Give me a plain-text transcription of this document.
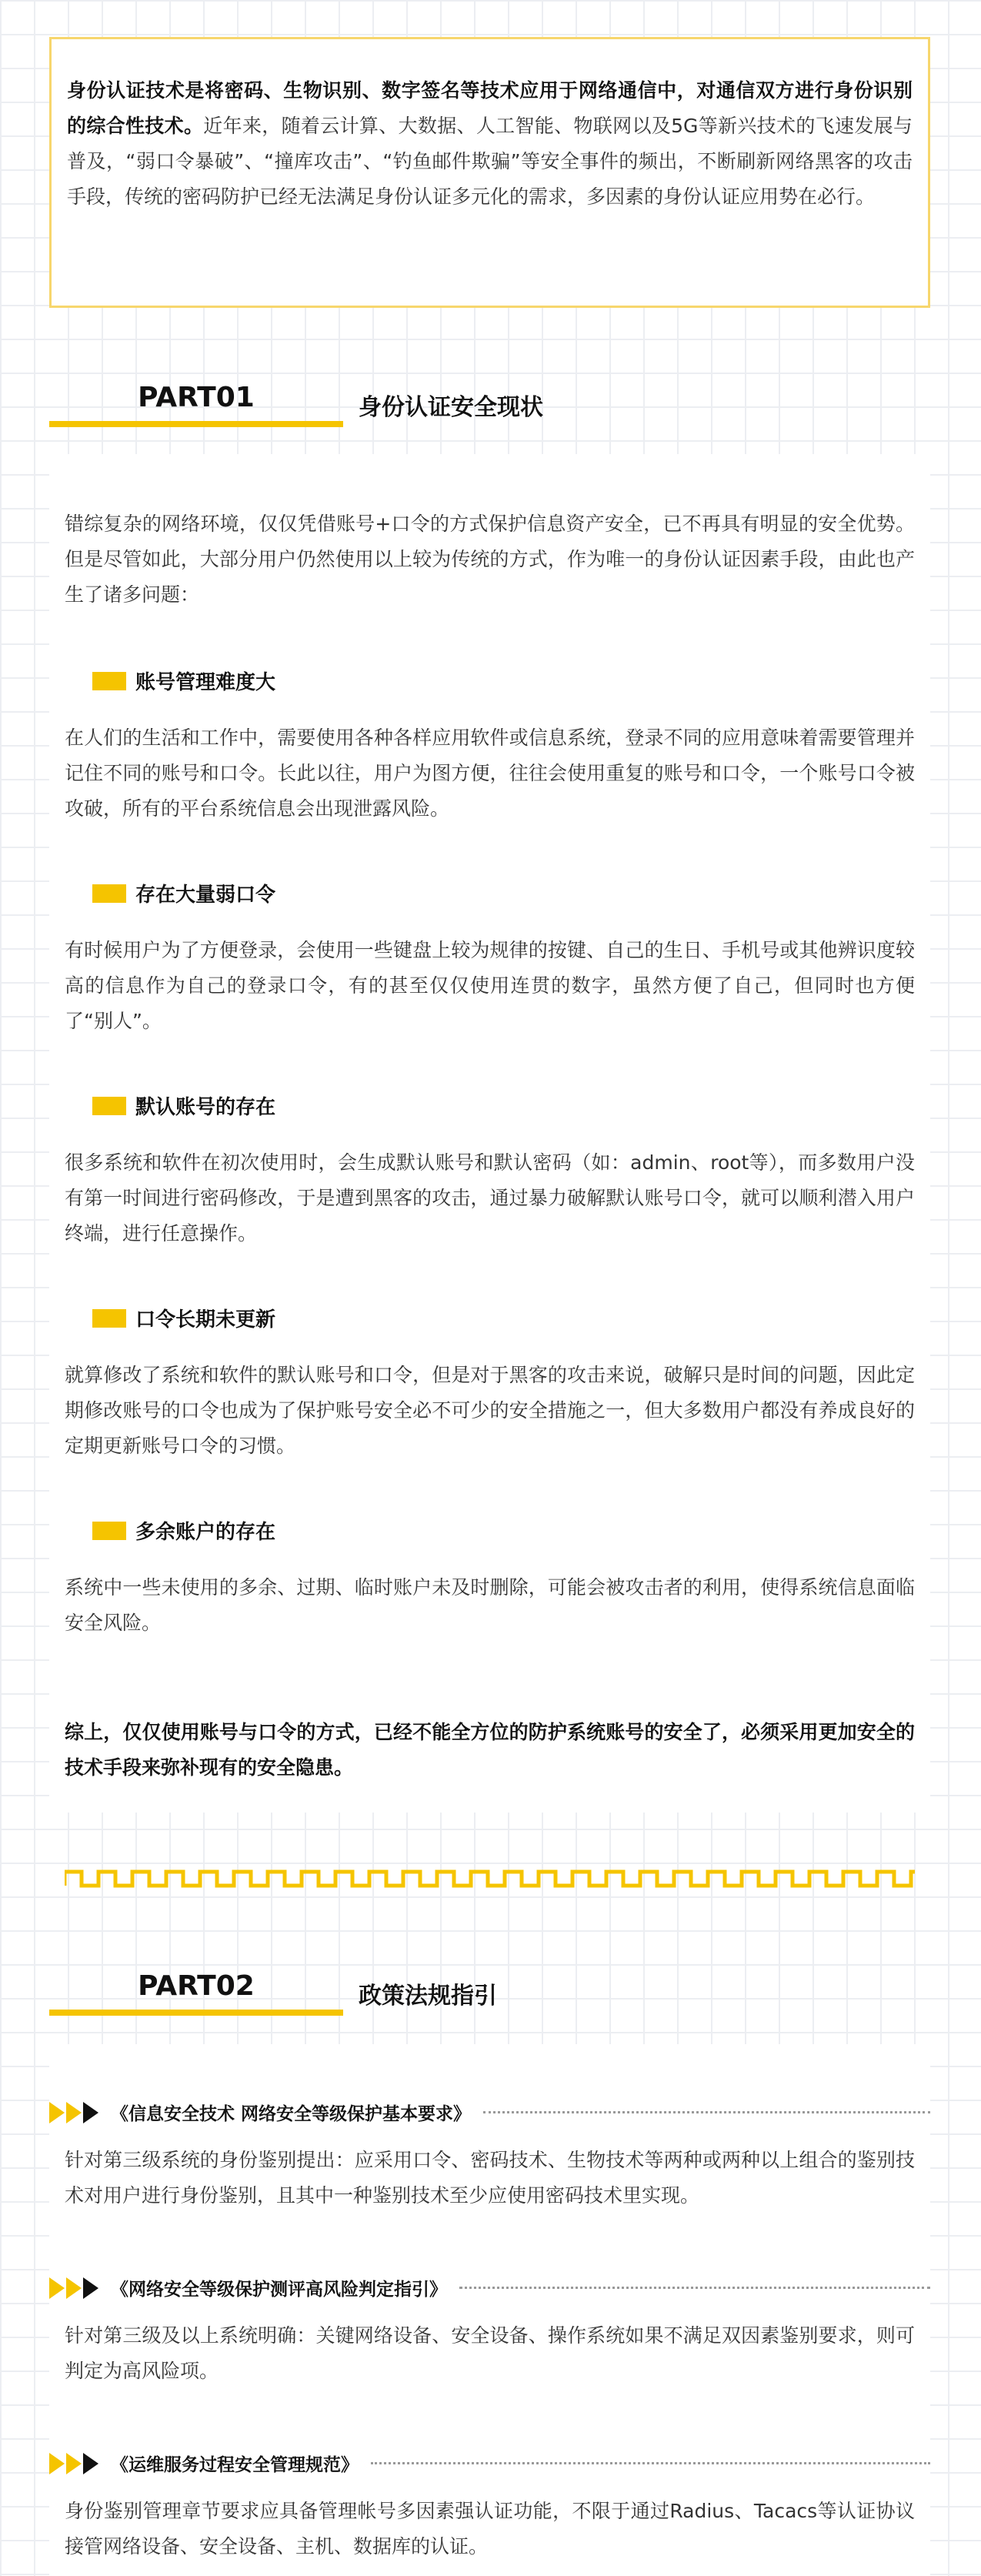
身份认证技术是将密码、生物识别、数字签名等技术应用于网络通信中，对通信双方进行身份识别的综合性技术。近年来，随着云计算、大数据、人工智能、物联网以及5G等新兴技术的飞速发展与普及，“弱口令暴破”、“撞库攻击”、“钓鱼邮件欺骗”等安全事件的频出，不断刷新网络黑客的攻击手段，传统的密码防护已经无法满足身份认证多元化的需求，多因素的身份认证应用势在必行。
PART01	身份认证安全现状
错综复杂的网络环境，仅仅凭借账号+口令的方式保护信息资产安全，已不再具有明显的安全优势。但是尽管如此，大部分用户仍然使用以上较为传统的方式，作为唯一的身份认证因素手段，由此也产生了诸多问题：
账号管理难度大
在人们的生活和工作中，需要使用各种各样应用软件或信息系统，登录不同的应用意味着需要管理并记住不同的账号和口令。长此以往，用户为图方便，往往会使用重复的账号和口令，一个账号口令被攻破，所有的平台系统信息会出现泄露风险。
存在大量弱口令
有时候用户为了方便登录，会使用一些键盘上较为规律的按键、自己的生日、手机号或其他辨识度较高的信息作为自己的登录口令，有的甚至仅仅使用连贯的数字，虽然方便了自己，但同时也方便了“别人”。
默认账号的存在
很多系统和软件在初次使用时，会生成默认账号和默认密码（如：admin、root等），而多数用户没有第一时间进行密码修改，于是遭到黑客的攻击，通过暴力破解默认账号口令，就可以顺利潜入用户终端，进行任意操作。
口令长期未更新
就算修改了系统和软件的默认账号和口令，但是对于黑客的攻击来说，破解只是时间的问题，因此定期修改账号的口令也成为了保护账号安全必不可少的安全措施之一，但大多数用户都没有养成良好的定期更新账号口令的习惯。
多余账户的存在
系统中一些未使用的多余、过期、临时账户未及时删除，可能会被攻击者的利用，使得系统信息面临安全风险。
综上，仅仅使用账号与口令的方式，已经不能全方位的防护系统账号的安全了，必须采用更加安全的技术手段来弥补现有的安全隐患。
PART02	政策法规指引
《信息安全技术 网络安全等级保护基本要求》
针对第三级系统的身份鉴别提出：应采用口令、密码技术、生物技术等两种或两种以上组合的鉴别技术对用户进行身份鉴别，且其中一种鉴别技术至少应使用密码技术里实现。
《网络安全等级保护测评高风险判定指引》
针对第三级及以上系统明确：关键网络设备、安全设备、操作系统如果不满足双因素鉴别要求，则可判定为高风险项。
《运维服务过程安全管理规范》
身份鉴别管理章节要求应具备管理帐号多因素强认证功能，不限于通过Radius、Tacacs等认证协议接管网络设备、安全设备、主机、数据库的认证。
